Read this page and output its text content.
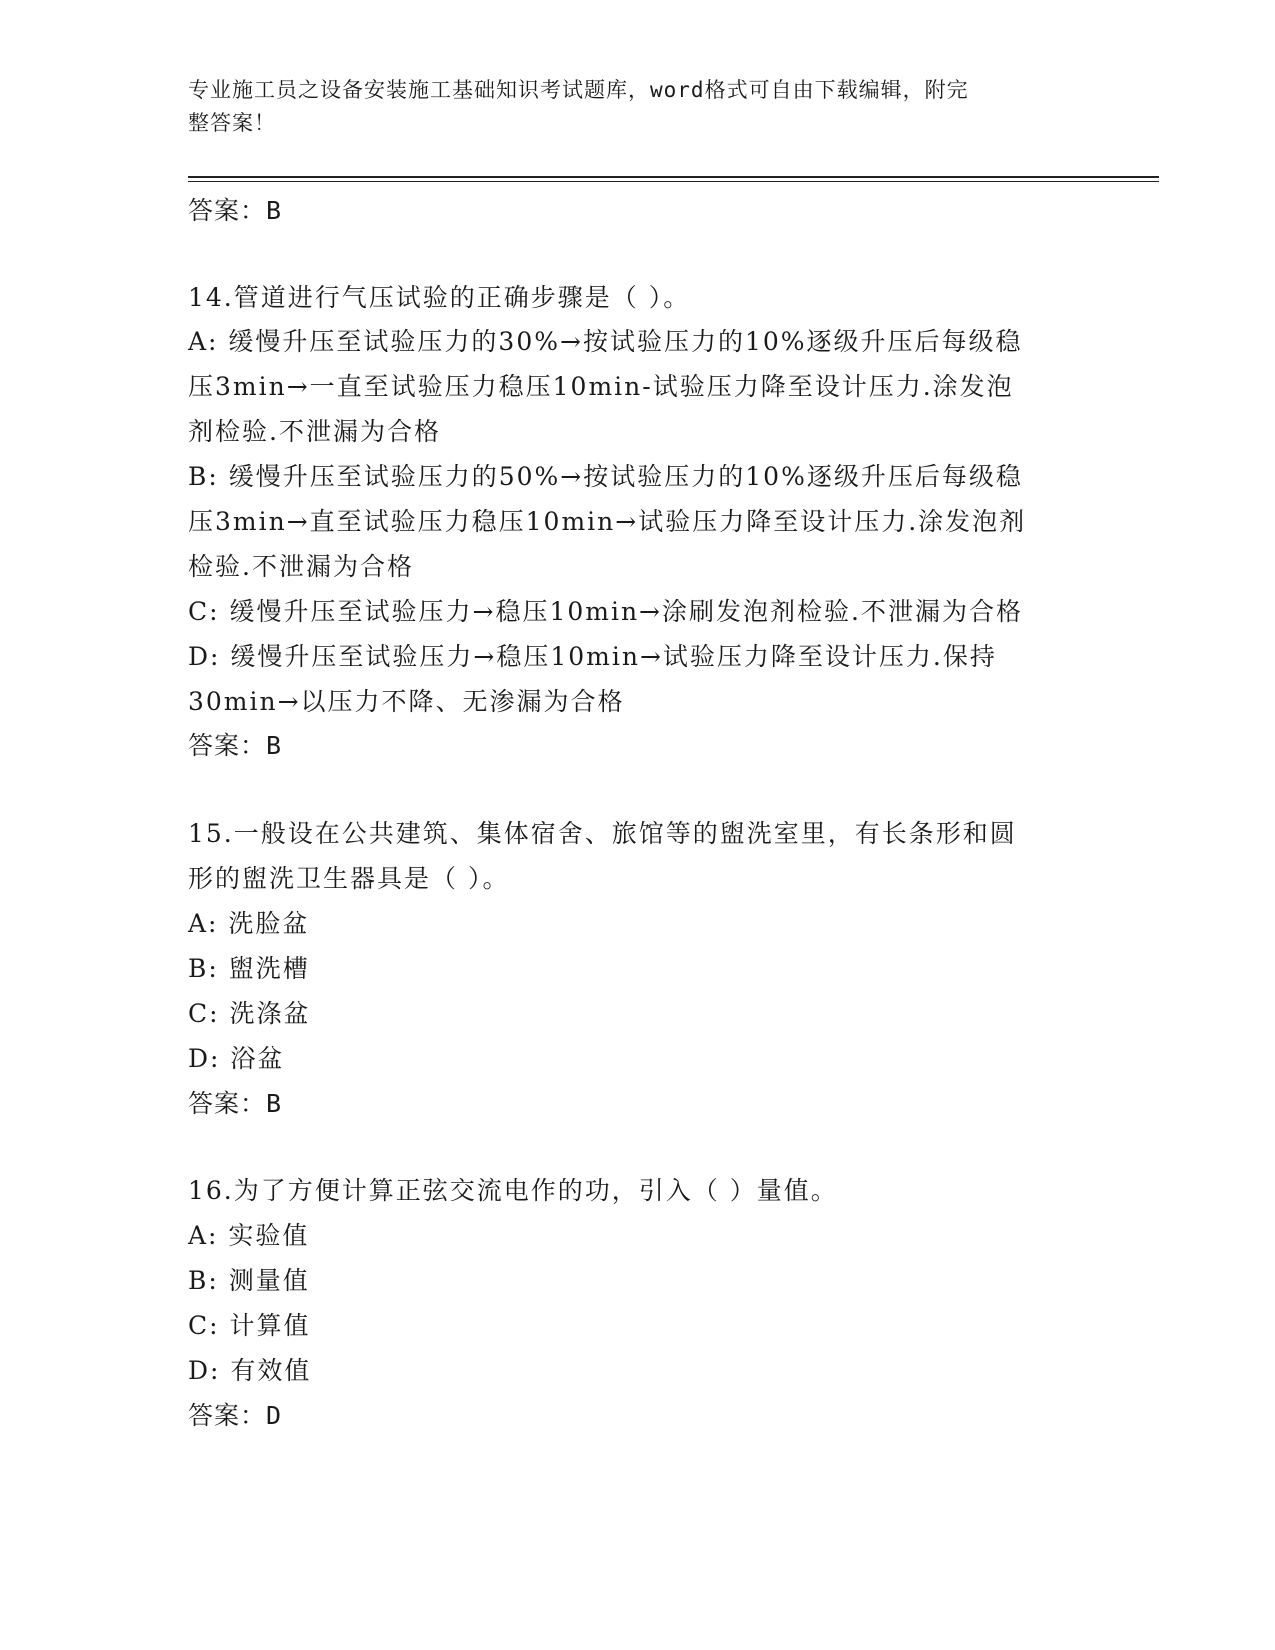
专业施工员之设备安装施工基础知识考试题库，word格式可自由下载编辑，附完
整答案！
答案：B
14.管道进行气压试验的正确步骤是（ ）。
A: 缓慢升压至试验压力的30%→按试验压力的10%逐级升压后每级稳
压3min→一直至试验压力稳压10min-试验压力降至设计压力.涂发泡
剂检验.不泄漏为合格
B: 缓慢升压至试验压力的50%→按试验压力的10%逐级升压后每级稳
压3min→直至试验压力稳压10min→试验压力降至设计压力.涂发泡剂
检验.不泄漏为合格
C: 缓慢升压至试验压力→稳压10min→涂刷发泡剂检验.不泄漏为合格
D: 缓慢升压至试验压力→稳压10min→试验压力降至设计压力.保持
30min→以压力不降、无渗漏为合格
答案：B
15.一般设在公共建筑、集体宿舍、旅馆等的盥洗室里，有长条形和圆
形的盥洗卫生器具是（ ）。
A: 洗脸盆
B: 盥洗槽
C: 洗涤盆
D: 浴盆
答案：B
16.为了方便计算正弦交流电作的功，引入（ ）量值。
A: 实验值
B: 测量值
C: 计算值
D: 有效值
答案：D
